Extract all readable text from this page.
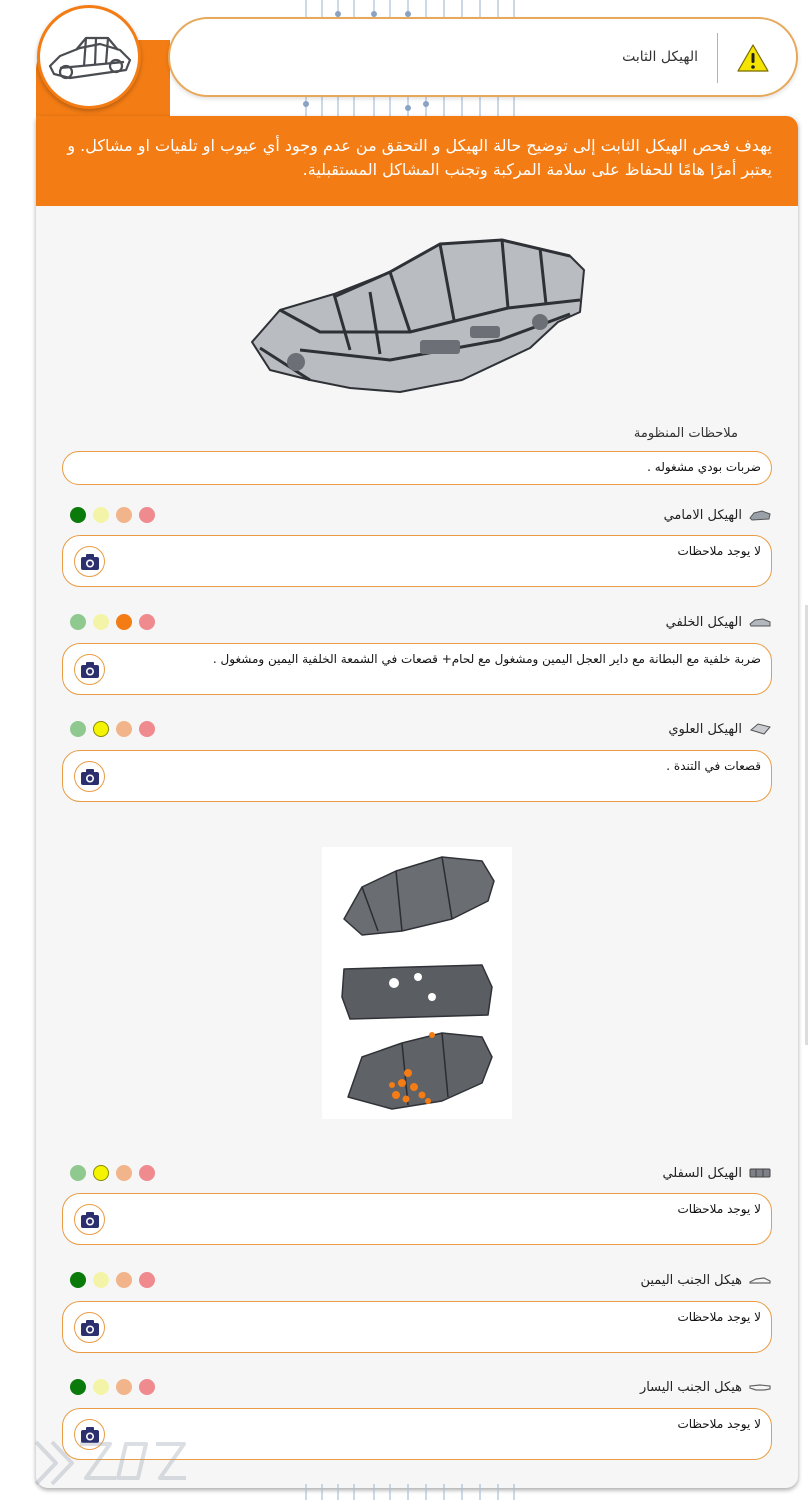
الهيكل الثابت
يهدف فحص الهيكل الثابت إلى توضيح حالة الهيكل و التحقق من عدم وجود أي عيوب او تلفيات او مشاكل. و يعتبر أمرًا هامًا للحفاظ على سلامة المركبة وتجنب المشاكل المستقبلية.
ملاحظات المنظومة
ضربات بودي مشغوله .
الهيكل الامامي
لا يوجد ملاحظات
الهيكل الخلفي
ضربة خلفية مع البطانة مع داير العجل اليمين ومشغول مع لحام+ قصعات في الشمعة الخلفية اليمين ومشغول .
الهيكل العلوي
قصعات في التندة .
الهيكل السفلي
لا يوجد ملاحظات
هيكل الجنب اليمين
لا يوجد ملاحظات
هيكل الجنب اليسار
لا يوجد ملاحظات
